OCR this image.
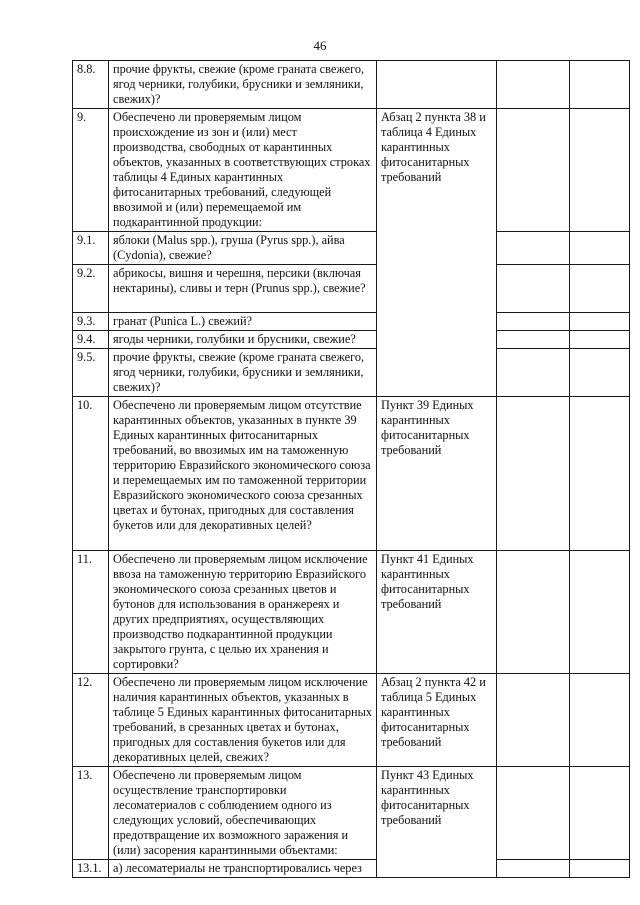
46
8.8.	прочие фрукты, свежие (кроме граната свежего, ягод черники, голубики, брусники и земляники, свежих)?			
9.	Обеспечено ли проверяемым лицом происхождение из зон и (или) мест производства, свободных от карантинных объектов, указанных в соответствующих строках таблицы 4 Единых карантинных фитосанитарных требований, следующей ввозимой и (или) перемещаемой им подкарантинной продукции:	Абзац 2 пункта 38 и таблица 4 Единых карантинных фитосанитарных требований		
9.1.	яблоки (Malus spp.), груша (Pyrus spp.), айва (Cydonia), свежие?			
9.2.	абрикосы, вишня и черешня, персики (включая нектарины), сливы и терн (Prunus spp.), свежие?			
9.3.	гранат (Punica L.) свежий?			
9.4.	ягоды черники, голубики и брусники, свежие?			
9.5.	прочие фрукты, свежие (кроме граната свежего, ягод черники, голубики, брусники и земляники, свежих)?			
10.	Обеспечено ли проверяемым лицом отсутствие карантинных объектов, указанных в пункте 39 Единых карантинных фитосанитарных требований, во ввозимых им на таможенную территорию Евразийского экономического союза и перемещаемых им по таможенной территории Евразийского экономического союза срезанных цветах и бутонах, пригодных для составления букетов или для декоративных целей?	Пункт 39 Единых карантинных фитосанитарных требований		
11.	Обеспечено ли проверяемым лицом исключение ввоза на таможенную территорию Евразийского экономического союза срезанных цветов и бутонов для использования в оранжереях и других предприятиях, осуществляющих производство подкарантинной продукции закрытого грунта, с целью их хранения и сортировки?	Пункт 41 Единых карантинных фитосанитарных требований		
12.	Обеспечено ли проверяемым лицом исключение наличия карантинных объектов, указанных в таблице 5 Единых карантинных фитосанитарных требований, в срезанных цветах и бутонах, пригодных для составления букетов или для декоративных целей, свежих?	Абзац 2 пункта 42 и таблица 5 Единых карантинных фитосанитарных требований		
13.	Обеспечено ли проверяемым лицом осуществление транспортировки лесоматериалов с соблюдением одного из следующих условий, обеспечивающих предотвращение их возможного заражения и (или) засорения карантинными объектами:	Пункт 43 Единых карантинных фитосанитарных требований		
13.1.	а) лесоматериалы не транспортировались через			
